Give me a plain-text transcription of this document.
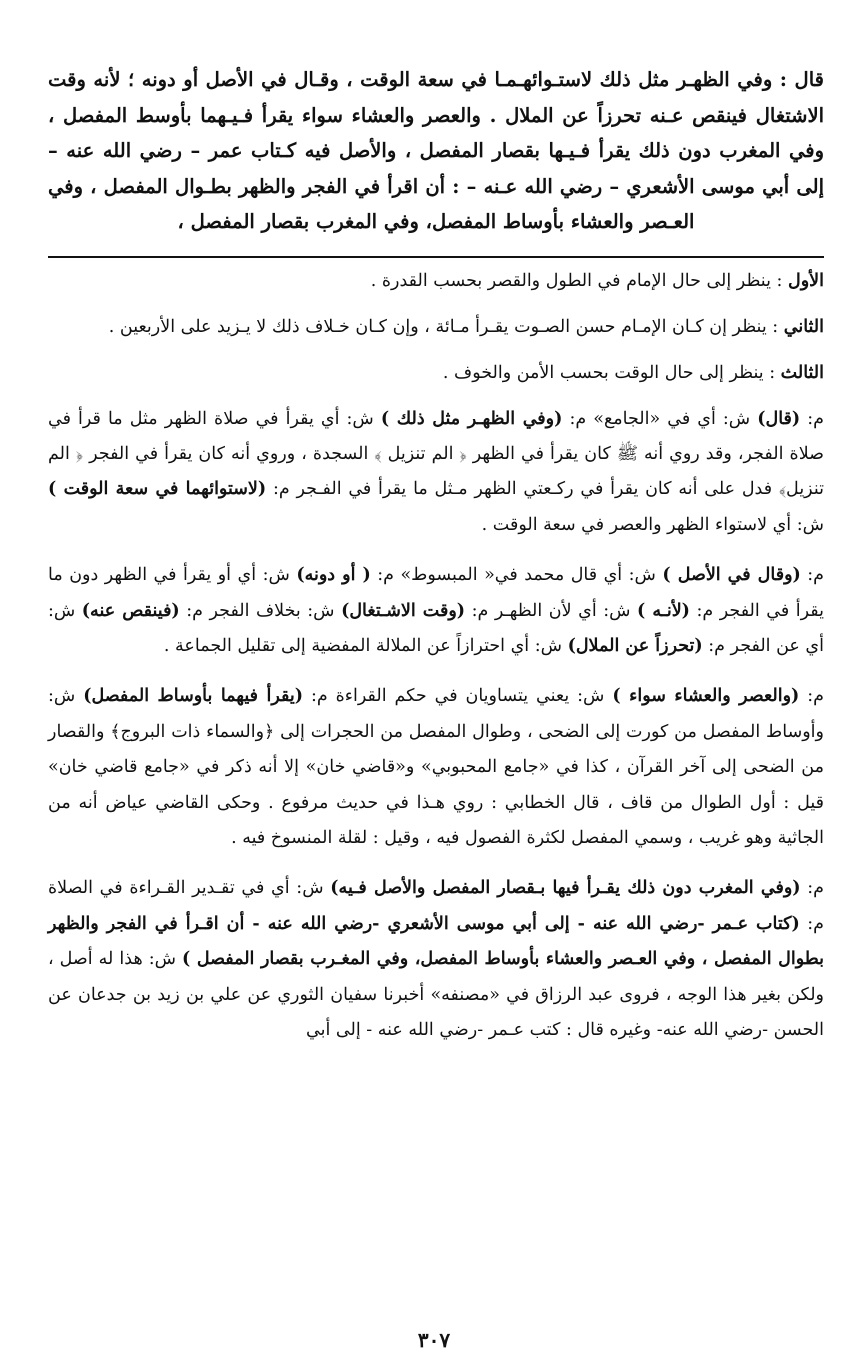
قال : وفي الظهـر مثل ذلك لاستـوائهـمـا في سعة الوقت ، وقـال في الأصل أو دونه ؛ لأنه وقت الاشتغال فينقص عـنه تحرزاً عن الملال . والعصر والعشاء سواء يقرأ فـيـهما بأوسط المفصل ، وفي المغرب دون ذلك يقرأ فـيـها بقصار المفصل ، والأصل فيه كـتاب عمر – رضي الله عنه – إلى أبي موسى الأشعري – رضي الله عـنه – : أن اقرأ في الفجر والظهر بطـوال المفصل ، وفي العـصر والعشاء بأوساط المفصل، وفي المغرب بقصار المفصل ،

الأول : ينظر إلى حال الإمام في الطول والقصر بحسب القدرة .

الثاني : ينظر إن كـان الإمـام حسن الصـوت يقـرأ مـائة ، وإن كـان خـلاف ذلك لا يـزيد على الأربعين .

الثالث : ينظر إلى حال الوقت بحسب الأمن والخوف .

م: (قال) ش: أي في «الجامع» م: (وفي الظهـر مثل ذلك ) ش: أي يقرأ في صلاة الظهر مثل ما قرأ في صلاة الفجر، وقد روي أنه ﷺ كان يقرأ في الظهر ﴿ الم تنزيل ﴾ السجدة ، وروي أنه كان يقرأ في الفجر ﴿ الم تنزيل﴾ فدل على أنه كان يقرأ في ركـعتي الظهر مـثل ما يقرأ في الفـجر م: (لاستوائهما في سعة الوقت ) ش: أي لاستواء الظهر والعصر في سعة الوقت .

م: (وقال في الأصل ) ش: أي قال محمد في« المبسوط» م: ( أو دونه) ش: أي أو يقرأ في الظهر دون ما يقرأ في الفجر م: (لأنـه ) ش: أي لأن الظهـر م: (وقت الاشـتغال) ش: بخلاف الفجر م: (فينقص عنه) ش: أي عن الفجر م: (تحرزاً عن الملال) ش: أي احترازاً عن الملالة المفضية إلى تقليل الجماعة .

م: (والعصر والعشاء سواء ) ش: يعني يتساويان في حكم القراءة م: (يقرأ فيهما بأوساط المفصل) ش: وأوساط المفصل من كورت إلى الضحى ، وطوال المفصل من الحجرات إلى ﴿والسماء ذات البروج﴾ والقصار من الضحى إلى آخر القرآن ، كذا في «جامع المحبوبي» و«قاضي خان» إلا أنه ذكر في «جامع قاضي خان» قيل : أول الطوال من قاف ، قال الخطابي : روي هـذا في حديث مرفوع . وحكى القاضي عياض أنه من الجاثية وهو غريب ، وسمي المفصل لكثرة الفصول فيه ، وقيل : لقلة المنسوخ فيه .

م: (وفي المغرب دون ذلك يقـرأ فيها بـقصار المفصل والأصل فـيه) ش: أي في تقـدير القـراءة في الصلاة م: (كتاب عـمر -رضي الله عنه - إلى أبي موسى الأشعري -رضي الله عنه - أن اقـرأ في الفجر والظهر بطوال المفصل ، وفي العـصر والعشاء بأوساط المفصل، وفي المغـرب بقصار المفصل ) ش: هذا له أصل ، ولكن بغير هذا الوجه ، فروى عبد الرزاق في «مصنفه» أخبرنا سفيان الثوري عن علي بن زيد بن جدعان عن الحسن -رضي الله عنه- وغيره قال : كتب عـمر -رضي الله عنه - إلى أبي

٣٠٧
